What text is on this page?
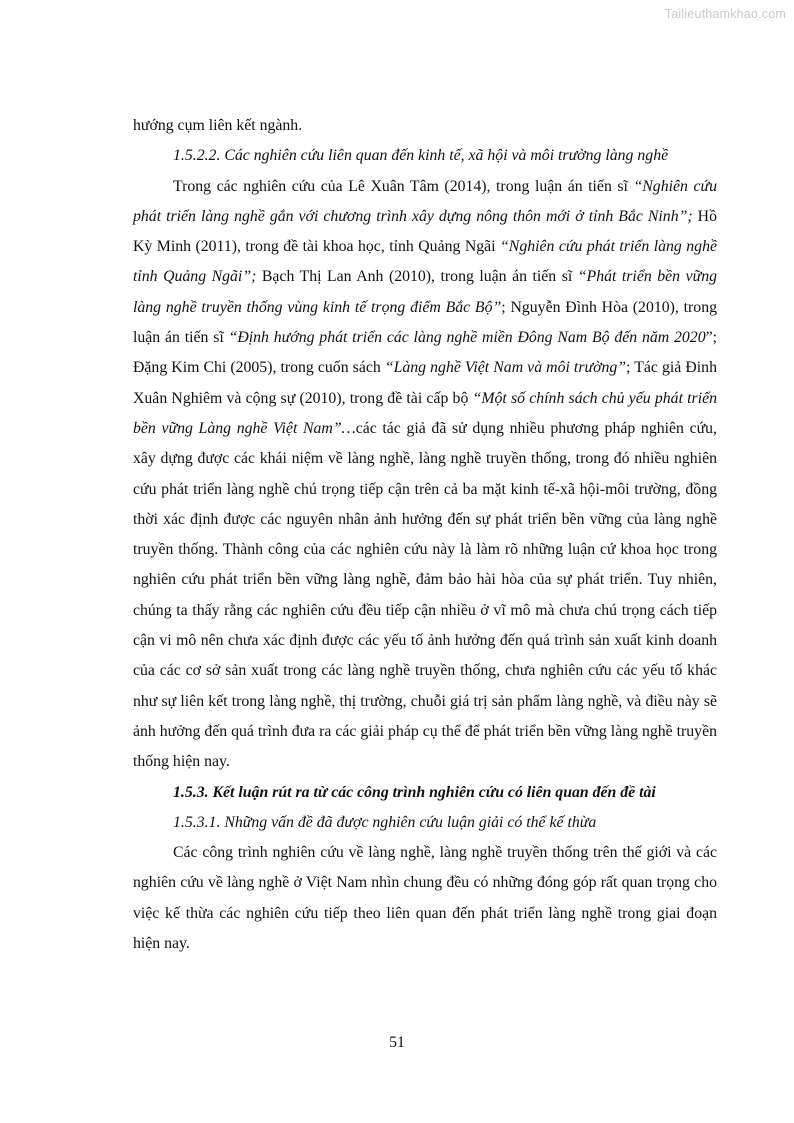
Tailieuthamkhao.com

hướng cụm liên kết ngành.

1.5.2.2. Các nghiên cứu liên quan đến kinh tế, xã hội và môi trường làng nghề

Trong các nghiên cứu của Lê Xuân Tâm (2014), trong luận án tiến sĩ “Nghiên cứu phát triển làng nghề gắn với chương trình xây dựng nông thôn mới ở tỉnh Bắc Ninh”; Hồ Kỳ Minh (2011), trong đề tài khoa học, tỉnh Quảng Ngãi “Nghiên cứu phát triển làng nghề tỉnh Quảng Ngãi”; Bạch Thị Lan Anh (2010), trong luận án tiến sĩ “Phát triển bền vững làng nghề truyền thống vùng kinh tế trọng điểm Bắc Bộ”; Nguyễn Đình Hòa (2010), trong luận án tiến sĩ “Định hướng phát triển các làng nghề miền Đông Nam Bộ đến năm 2020”; Đặng Kim Chi (2005), trong cuốn sách “Làng nghề Việt Nam và môi trường”; Tác giả Đinh Xuân Nghiêm và cộng sự (2010), trong đề tài cấp bộ “Một số chính sách chủ yếu phát triển bền vững Làng nghề Việt Nam”…các tác giả đã sử dụng nhiều phương pháp nghiên cứu, xây dựng được các khái niệm về làng nghề, làng nghề truyền thống, trong đó nhiều nghiên cứu phát triển làng nghề chú trọng tiếp cận trên cả ba mặt kinh tế-xã hội-môi trường, đồng thời xác định được các nguyên nhân ảnh hưởng đến sự phát triển bền vững của làng nghề truyền thống. Thành công của các nghiên cứu này là làm rõ những luận cứ khoa học trong nghiên cứu phát triển bền vững làng nghề, đảm bảo hài hòa của sự phát triển. Tuy nhiên, chúng ta thấy rằng các nghiên cứu đều tiếp cận nhiều ở vĩ mô mà chưa chú trọng cách tiếp cận vi mô nên chưa xác định được các yếu tố ảnh hưởng đến quá trình sản xuất kinh doanh của các cơ sở sản xuất trong các làng nghề truyền thống, chưa nghiên cứu các yếu tố khác như sự liên kết trong làng nghề, thị trường, chuỗi giá trị sản phẩm làng nghề, và điều này sẽ ảnh hưởng đến quá trình đưa ra các giải pháp cụ thể để phát triển bền vững làng nghề truyền thống hiện nay.

1.5.3. Kết luận rút ra từ các công trình nghiên cứu có liên quan đến đề tài

1.5.3.1. Những vấn đề đã được nghiên cứu luận giải có thể kế thừa

Các công trình nghiên cứu về làng nghề, làng nghề truyền thống trên thế giới và các nghiên cứu về làng nghề ở Việt Nam nhìn chung đều có những đóng góp rất quan trọng cho việc kế thừa các nghiên cứu tiếp theo liên quan đến phát triển làng nghề trong giai đoạn hiện nay.

51
